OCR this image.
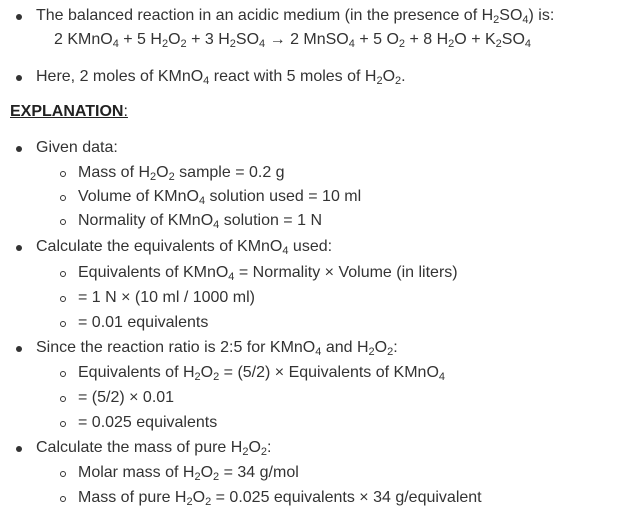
The balanced reaction in an acidic medium (in the presence of $H_2SO_4$) is:
2 KMnO$_4$ + 5 $H_2O_2 + 3$ $H_2SO_4 \to 2$ MnSO$_4$ + 5 $O_2 + 8$ $H_2O + K_2SO_4$
Here, 2 moles of KMnO$_4$ react with 5 moles of $H_2O_2$.
EXPLANATION:
Given data:
Mass of $H_2O_2$ sample = 0.2 g
Volume of KMnO$_4$ solution used = 10 ml
Normality of KMnO$_4$ solution = 1 N
Calculate the equivalents of KMnO$_4$ used:
Equivalents of KMnO$_4$ = Normality × Volume (in liters)
= 1 N × (10 ml / 1000 ml)
= 0.01 equivalents
Since the reaction ratio is 2:5 for KMnO$_4$ and $H_2O_2$:
Equivalents of $H_2O_2 = (5/2)$ × Equivalents of KMnO$_4$
= (5/2) × 0.01
= 0.025 equivalents
Calculate the mass of pure $H_2O_2$:
Molar mass of $H_2O_2 = 34$ g/mol
Mass of pure $H_2O_2 = 0.025$ equivalents × 34 g/equivalent
